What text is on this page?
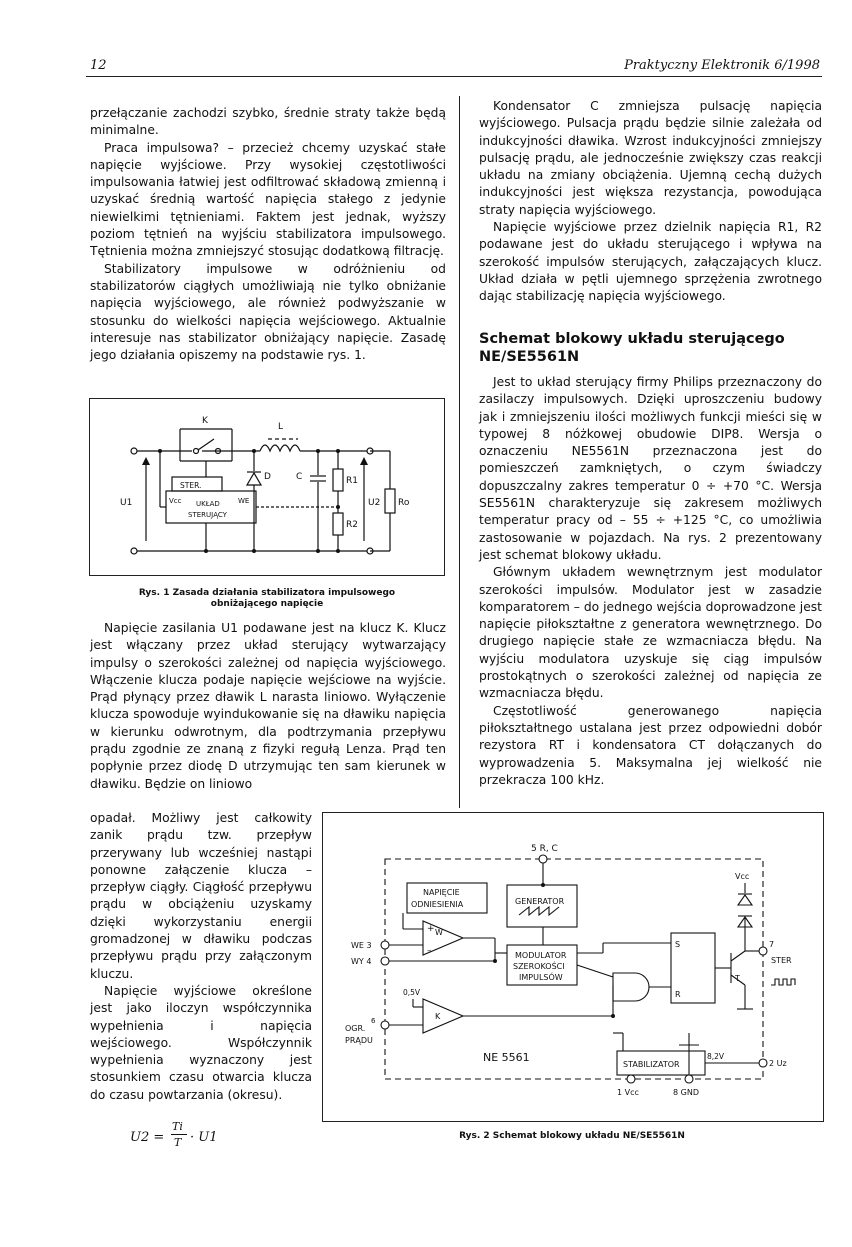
12	Praktyczny Elektronik 6/1998

przełączanie zachodzi szybko, średnie straty także będą minimalne.

Praca impulsowa? – przecież chcemy uzyskać stałe napięcie wyjściowe. Przy wysokiej częstotliwości impulsowania łatwiej jest odfiltrować składową zmienną i uzyskać średnią wartość napięcia stałego z jedynie niewielkimi tętnieniami. Faktem jest jednak, wyższy poziom tętnień na wyjściu stabilizatora impulsowego. Tętnienia można zmniejszyć stosując dodatkową filtrację.

Stabilizatory impulsowe w odróżnieniu od stabilizatorów ciągłych umożliwiają nie tylko obniżanie napięcia wyjściowego, ale również podwyższanie w stosunku do wielkości napięcia wejściowego. Aktualnie interesuje nas stabilizator obniżający napięcie. Zasadę jego działania opiszemy na podstawie rys. 1.

K
L
D	C	R1
R2
U1	U2 Ro
STER.
Vcc UKŁAD
STERUJĄCY
WE
Rys. 1 Zasada działania stabilizatora impulsowego
obniżającego napięcie

Napięcie zasilania U1 podawane jest na klucz K. Klucz jest włączany przez układ sterujący wytwarzający impulsy o szerokości zależnej od napięcia wyjściowego. Włączenie klucza podaje napięcie wejściowe na wyjście. Prąd płynący przez dławik L narasta liniowo. Wyłączenie klucza spowoduje wyindukowanie się na dławiku napięcia w kierunku odwrotnym, dla podtrzymania przepływu prądu zgodnie ze znaną z fizyki regułą Lenza. Prąd ten popłynie przez diodę D utrzymując ten sam kierunek w dławiku. Będzie on liniowo

opadał. Możliwy jest całkowity zanik prądu tzw. przepływ przerywany lub wcześniej nastąpi ponowne załączenie klucza – przepływ ciągły. Ciągłość przepływu prądu w obciążeniu uzyskamy dzięki wykorzystaniu energii gromadzonej w dławiku podczas przepływu prądu przy załączonym kluczu.

Napięcie wyjściowe określone jest jako iloczyn współczynnika wypełnienia i napięcia wejściowego. Współczynnik wypełnienia wyznaczony jest stosunkiem czasu otwarcia klucza do czasu powtarzania (okresu).

U2 =
Ti
T · U1

Kondensator C zmniejsza pulsację napięcia wyjściowego. Pulsacja prądu będzie silnie zależała od indukcyjności dławika. Wzrost indukcyjności zmniejszy pulsację prądu, ale jednocześnie zwiększy czas reakcji układu na zmiany obciążenia. Ujemną cechą dużych indukcyjności jest większa rezystancja, powodująca straty napięcia wyjściowego.

Napięcie wyjściowe przez dzielnik napięcia R1, R2 podawane jest do układu sterującego i wpływa na szerokość impulsów sterujących, załączających klucz. Układ działa w pętli ujemnego sprzężenia zwrotnego dając stabilizację napięcia wyjściowego.

Schemat blokowy układu sterującego NE/SE5561N

Jest to układ sterujący firmy Philips przeznaczony do zasilaczy impulsowych. Dzięki uproszczeniu budowy jak i zmniejszeniu ilości możliwych funkcji mieści się w typowej 8 nóżkowej obudowie DIP8. Wersja o oznaczeniu NE5561N przeznaczona jest do pomieszczeń zamkniętych, o czym świadczy dopuszczalny zakres temperatur 0 ÷ +70 °C. Wersja SE5561N charakteryzuje się zakresem możliwych temperatur pracy od – 55 ÷ +125 °C, co umożliwia zastosowanie w pojazdach. Na rys. 2 prezentowany jest schemat blokowy układu.

Głównym układem wewnętrznym jest modulator szerokości impulsów. Modulator jest w zasadzie komparatorem – do jednego wejścia doprowadzone jest napięcie piłokształtne z generatora wewnętrznego. Do drugiego napięcie stałe ze wzmacniacza błędu. Na wyjściu modulatora uzyskuje się ciąg impulsów prostokątnych o szerokości zależnej od napięcia ze wzmacniacza błędu.

Częstotliwość generowanego napięcia piłokształtnego ustalana jest przez odpowiedni dobór rezystora RT i kondensatora CT dołączanych do wyprowadzenia 5. Maksymalna jej wielkość nie przekracza 100 kHz.

5 R, C
Vcc
NAPIĘCIE
ODNIESIENIA	GENERATOR
MODULATOR
SZEROKOŚCI
IMPULSÓW
WE 3
WY 4
W
+
–
K
0,5V
OGR.
6
PRĄDU
S
R
T
7
STER
STABILIZATOR
8,2V
2 Uz
NE 5561
1 Vcc	8 GND
Rys. 2 Schemat blokowy układu NE/SE5561N
